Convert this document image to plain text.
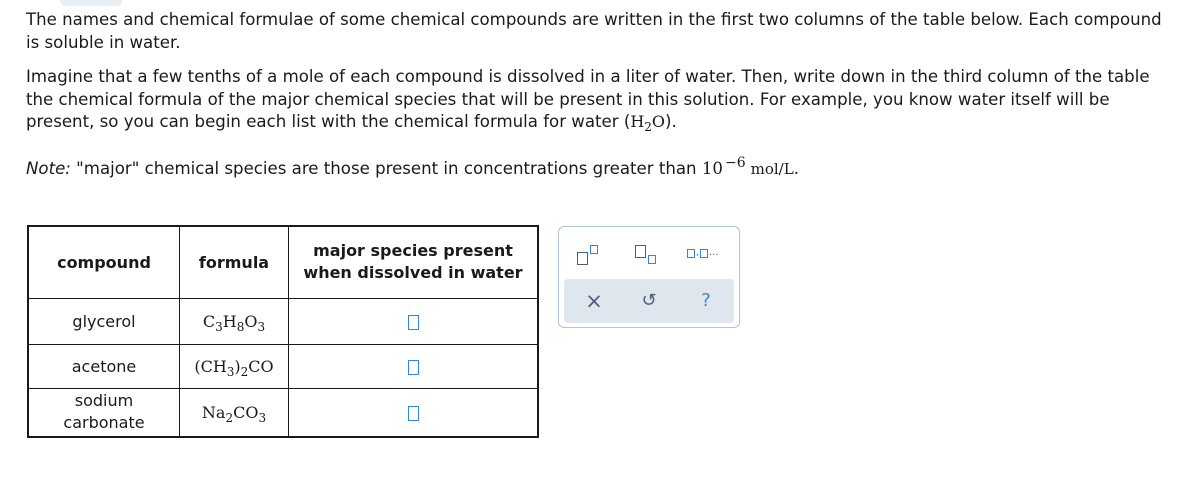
The names and chemical formulae of some chemical compounds are written in the first two columns of the table below. Each compound is soluble in water.

Imagine that a few tenths of a mole of each compound is dissolved in a liter of water. Then, write down in the third column of the table the chemical formula of the major chemical species that will be present in this solution. For example, you know water itself will be present, so you can begin each list with the chemical formula for water $(H_2O)$.

Note: "major" chemical species are those present in concentrations greater than 10 $^{-6}$ mol/L.

compound	formula	major species present when dissolved in water

glycerol	$C_3H_8O_3$	
acetone	$(CH_3)_2CO$	

sodium carbonate	$Na_2CO_3$	
, ...
× ↺ ?
